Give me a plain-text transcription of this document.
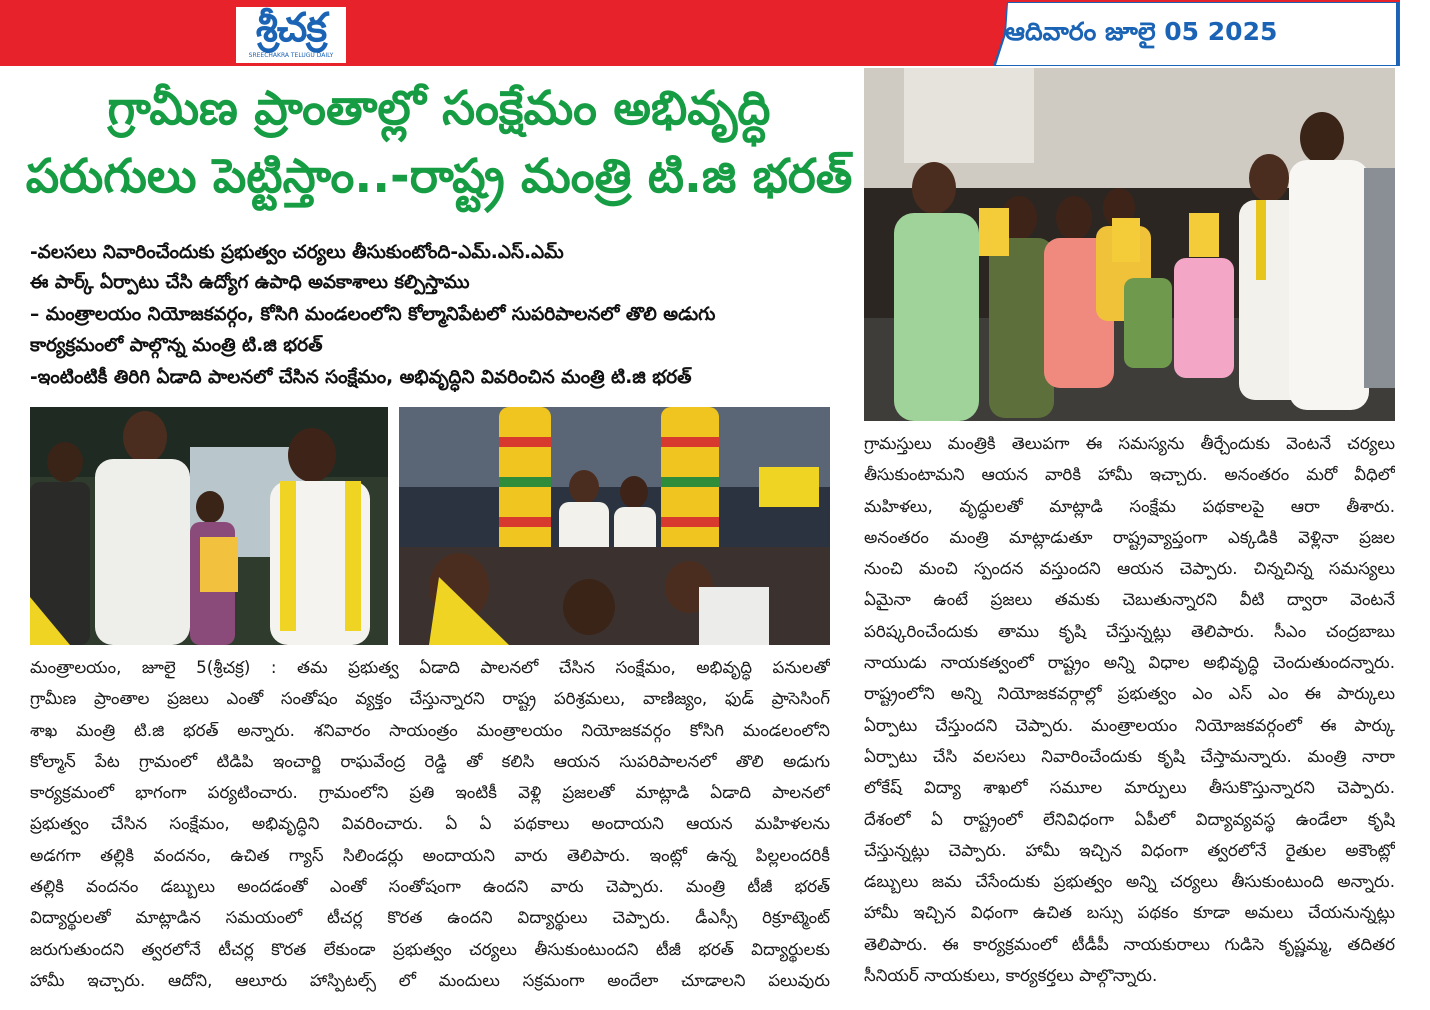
శ్రీచక్ర
SREECHAKRA TELUGU DAILY
ఆదివారం జూలై 05 2025
గ్రామీణ ప్రాంతాల్లో సంక్షేమం అభివృద్ధి
పరుగులు పెట్టిస్తాం..-రాష్ట్ర మంత్రి టి.జి భరత్
-వలసలు నివారించేందుకు ప్రభుత్వం చర్యలు తీసుకుంటోంది-ఎమ్.ఎస్.ఎమ్
ఈ పార్క్ ఏర్పాటు చేసి ఉద్యోగ ఉపాధి అవకాశాలు కల్పిస్తాము
– మంత్రాలయం నియోజకవర్గం, కోసిగి మండలంలోని కోల్మానిపేటలో సుపరిపాలనలో తొలి అడుగు
కార్యక్రమంలో పాల్గొన్న మంత్రి టి.జి భరత్
-ఇంటింటికీ తిరిగి ఏడాది పాలనలో చేసిన సంక్షేమం, అభివృద్ధిని వివరించిన మంత్రి టి.జి భరత్
మంత్రాలయం, జూలై 5(శ్రీచక్ర) : తమ ప్రభుత్వ ఏడాది పాలనలో చేసిన సంక్షేమం, అభివృద్ధి పనులతో
గ్రామీణ ప్రాంతాల ప్రజలు ఎంతో సంతోషం వ్యక్తం చేస్తున్నారని రాష్ట్ర పరిశ్రమలు, వాణిజ్యం, ఫుడ్ ప్రాసెసింగ్
శాఖ మంత్రి టి.జి భరత్ అన్నారు. శనివారం సాయంత్రం మంత్రాలయం నియోజకవర్గం కోసిగి మండలంలోని
కోల్మాన్ పేట గ్రామంలో టిడిపి ఇంచార్జి రాఘవేంద్ర రెడ్డి తో కలిసి ఆయన సుపరిపాలనలో తొలి అడుగు
కార్యక్రమంలో భాగంగా పర్యటించారు. గ్రామంలోని ప్రతి ఇంటికీ వెళ్లి ప్రజలతో మాట్లాడి ఏడాది పాలనలో
ప్రభుత్వం చేసిన సంక్షేమం, అభివృద్ధిని వివరించారు. ఏ ఏ పథకాలు అందాయని ఆయన మహిళలను
అడగగా తల్లికి వందనం, ఉచిత గ్యాస్ సిలిండర్లు అందాయని వారు తెలిపారు. ఇంట్లో ఉన్న పిల్లలందరికీ
తల్లికి వందనం డబ్బులు అందడంతో ఎంతో సంతోషంగా ఉందని వారు చెప్పారు. మంత్రి టీజీ భరత్
విద్యార్థులతో మాట్లాడిన సమయంలో టీచర్ల కొరత ఉందని విద్యార్థులు చెప్పారు. డీఎస్సీ రిక్రూట్మెంట్
జరుగుతుందని త్వరలోనే టీచర్ల కొరత లేకుండా ప్రభుత్వం చర్యలు తీసుకుంటుందని టీజీ భరత్ విద్యార్థులకు
హామీ ఇచ్చారు. ఆదోని, ఆలూరు హాస్పిటల్స్ లో మందులు సక్రమంగా అందేలా చూడాలని పలువురు
గ్రామస్తులు మంత్రికి తెలుపగా ఈ సమస్యను తీర్చేందుకు వెంటనే చర్యలు
తీసుకుంటామని ఆయన వారికి హామీ ఇచ్చారు. అనంతరం మరో వీధిలో
మహిళలు, వృద్ధులతో మాట్లాడి సంక్షేమ పథకాలపై ఆరా తీశారు.
అనంతరం మంత్రి మాట్లాడుతూ రాష్ట్రవ్యాప్తంగా ఎక్కడికి వెళ్లినా ప్రజల
నుంచి మంచి స్పందన వస్తుందని ఆయన చెప్పారు. చిన్నచిన్న సమస్యలు
ఏమైనా ఉంటే ప్రజలు తమకు చెబుతున్నారని వీటి ద్వారా వెంటనే
పరిష్కరించేందుకు తాము కృషి చేస్తున్నట్లు తెలిపారు. సీఎం చంద్రబాబు
నాయుడు నాయకత్వంలో రాష్ట్రం అన్ని విధాల అభివృద్ధి చెందుతుందన్నారు.
రాష్ట్రంలోని అన్ని నియోజకవర్గాల్లో ప్రభుత్వం ఎం ఎస్ ఎం ఈ పార్కులు
ఏర్పాటు చేస్తుందని చెప్పారు. మంత్రాలయం నియోజకవర్గంలో ఈ పార్కు
ఏర్పాటు చేసి వలసలు నివారించేందుకు కృషి చేస్తామన్నారు. మంత్రి నారా
లోకేష్ విద్యా శాఖలో సమూల మార్పులు తీసుకొస్తున్నారని చెప్పారు.
దేశంలో ఏ రాష్ట్రంలో లేనివిధంగా ఏపీలో విద్యావ్యవస్థ ఉండేలా కృషి
చేస్తున్నట్లు చెప్పారు. హామీ ఇచ్చిన విధంగా త్వరలోనే రైతుల అకౌంట్లో
డబ్బులు జమ చేసేందుకు ప్రభుత్వం అన్ని చర్యలు తీసుకుంటుంది అన్నారు.
హామీ ఇచ్చిన విధంగా ఉచిత బస్సు పథకం కూడా అమలు చేయనున్నట్లు
తెలిపారు. ఈ కార్యక్రమంలో టీడీపీ నాయకురాలు గుడిసె కృష్ణమ్మ, తదితర
సీనియర్ నాయకులు, కార్యకర్తలు పాల్గొన్నారు.
